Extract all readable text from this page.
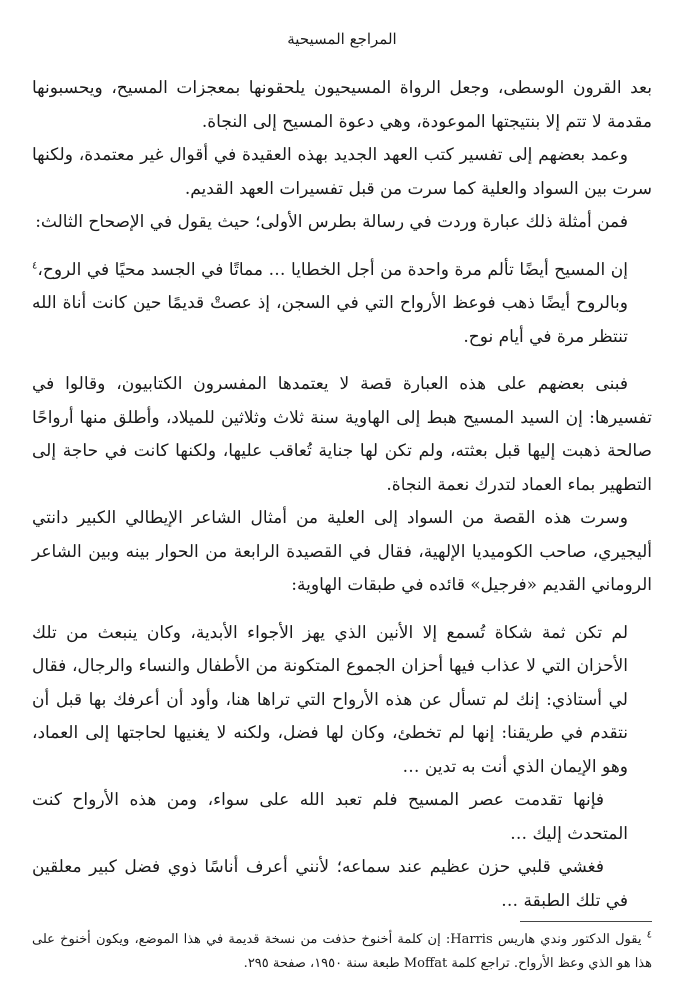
المراجع المسيحية

بعد القرون الوسطى، وجعل الرواة المسيحيون يلحقونها بمعجزات المسيح، ويحسبونها مقدمة لا تتم إلا بنتيجتها الموعودة، وهي دعوة المسيح إلى النجاة.

وعمد بعضهم إلى تفسير كتب العهد الجديد بهذه العقيدة في أقوال غير معتمدة، ولكنها سرت بين السواد والعلية كما سرت من قبل تفسيرات العهد القديم.

فمن أمثلة ذلك عبارة وردت في رسالة بطرس الأولى؛ حيث يقول في الإصحاح الثالث:

إن المسيح أيضًا تألم مرة واحدة من أجل الخطايا … مماتًا في الجسد محيًا في الروح،$^٤$ وبالروح أيضًا ذهب فوعظ الأرواح التي في السجن، إذ عصتْ قديمًا حين كانت أناة الله تنتظر مرة في أيام نوح.

فبنى بعضهم على هذه العبارة قصة لا يعتمدها المفسرون الكتابيون، وقالوا في تفسيرها: إن السيد المسيح هبط إلى الهاوية سنة ثلاث وثلاثين للميلاد، وأطلق منها أرواحًا صالحة ذهبت إليها قبل بعثته، ولم تكن لها جناية تُعاقب عليها، ولكنها كانت في حاجة إلى التطهير بماء العماد لتدرك نعمة النجاة.

وسرت هذه القصة من السواد إلى العلية من أمثال الشاعر الإيطالي الكبير دانتي أليجيري، صاحب الكوميديا الإلهية، فقال في القصيدة الرابعة من الحوار بينه وبين الشاعر الروماني القديم «فرجيل» قائده في طبقات الهاوية:

لم تكن ثمة شكاة تُسمع إلا الأنين الذي يهز الأجواء الأبدية، وكان ينبعث من تلك الأحزان التي لا عذاب فيها أحزان الجموع المتكونة من الأطفال والنساء والرجال، فقال لي أستاذي: إنك لم تسأل عن هذه الأرواح التي تراها هنا، وأود أن أعرفك بها قبل أن نتقدم في طريقنا: إنها لم تخطئ، وكان لها فضل، ولكنه لا يغنيها لحاجتها إلى العماد، وهو الإيمان الذي أنت به تدين …

فإنها تقدمت عصر المسيح فلم تعبد الله على سواء، ومن هذه الأرواح كنت المتحدث إليك …

فغشي قلبي حزن عظيم عند سماعه؛ لأنني أعرف أناسًا ذوي فضل كبير معلقين في تلك الطبقة …

$^٤$ يقول الدكتور وندي هاريس Harris: إن كلمة أخنوخ حذفت من نسخة قديمة في هذا الموضع، ويكون أخنوخ على هذا هو الذي وعظ الأرواح. تراجع كلمة Moffat طبعة سنة ١٩٥٠، صفحة ٢٩٥.
